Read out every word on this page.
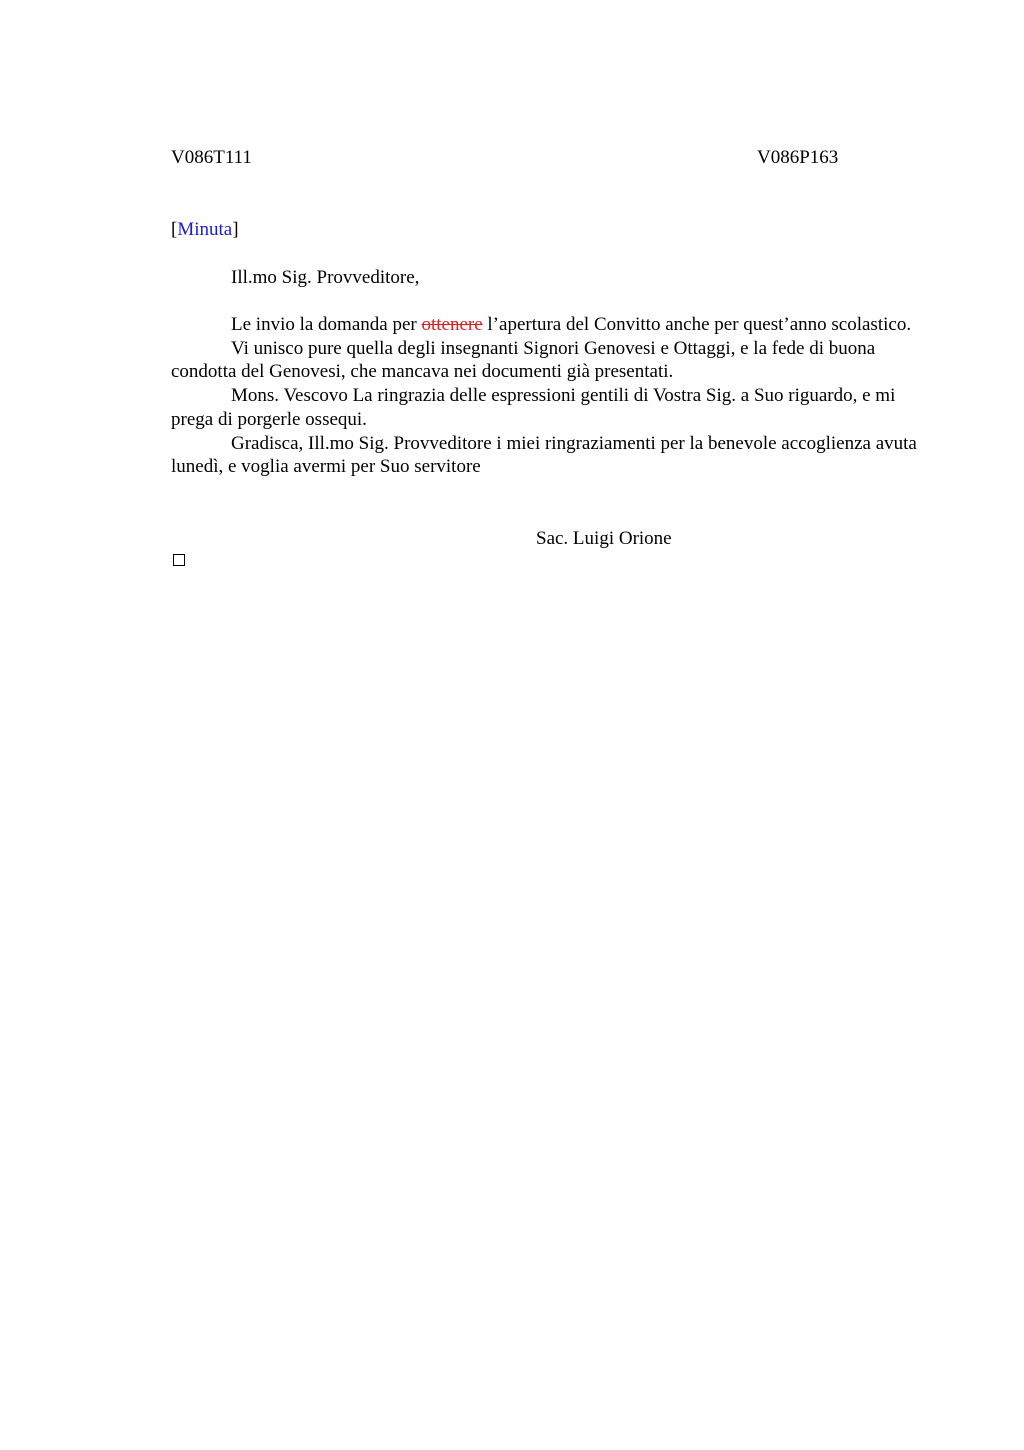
V086T111	V086P163
[Minuta]
Ill.mo Sig. Provveditore,

Le invio la domanda per ottenere l’apertura del Convitto anche per quest’anno scolastico.

Vi unisco pure quella degli insegnanti Signori Genovesi e Ottaggi, e la fede di buona condotta del Genovesi, che mancava nei documenti già presentati.

Mons. Vescovo La ringrazia delle espressioni gentili di Vostra Sig. a Suo riguardo, e mi prega di porgerle ossequi.

Gradisca, Ill.mo Sig. Provveditore i miei ringraziamenti per la benevole accoglienza avuta lunedì, e voglia avermi per Suo servitore

Sac. Luigi Orione
